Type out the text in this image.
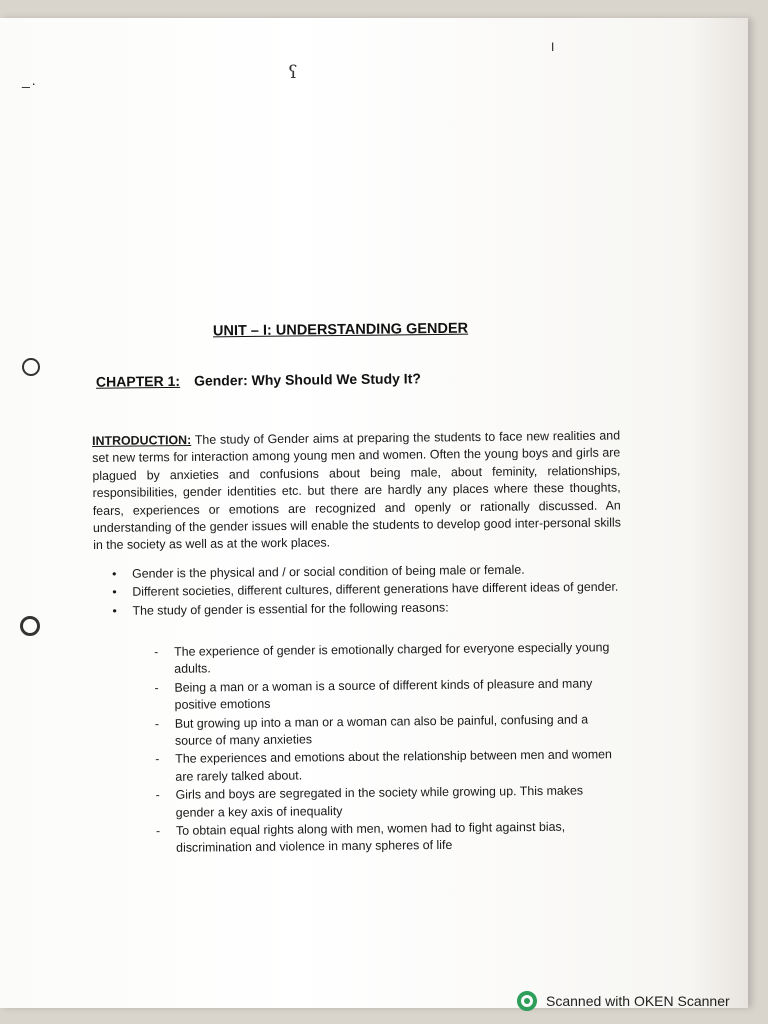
I
ʕ
_.
UNIT – I: UNDERSTANDING GENDER
CHAPTER 1: Gender: Why Should We Study It?

INTRODUCTION: The study of Gender aims at preparing the students to face new realities and set new terms for interaction among young men and women. Often the young boys and girls are plagued by anxieties and confusions about being male, about feminity, relationships, responsibilities, gender identities etc. but there are hardly any places where these thoughts, fears, experiences or emotions are recognized and openly or rationally discussed. An understanding of the gender issues will enable the students to develop good inter-personal skills in the society as well as at the work places.

• Gender is the physical and / or social condition of being male or female.
• Different societies, different cultures, different generations have different ideas of gender.
• The study of gender is essential for the following reasons:
- The experience of gender is emotionally charged for everyone especially young adults.
- Being a man or a woman is a source of different kinds of pleasure and many positive emotions
- But growing up into a man or a woman can also be painful, confusing and a source of many anxieties
- The experiences and emotions about the relationship between men and women are rarely talked about.
- Girls and boys are segregated in the society while growing up. This makes gender a key axis of inequality
- To obtain equal rights along with men, women had to fight against bias, discrimination and violence in many spheres of life
Scanned with OKEN Scanner
